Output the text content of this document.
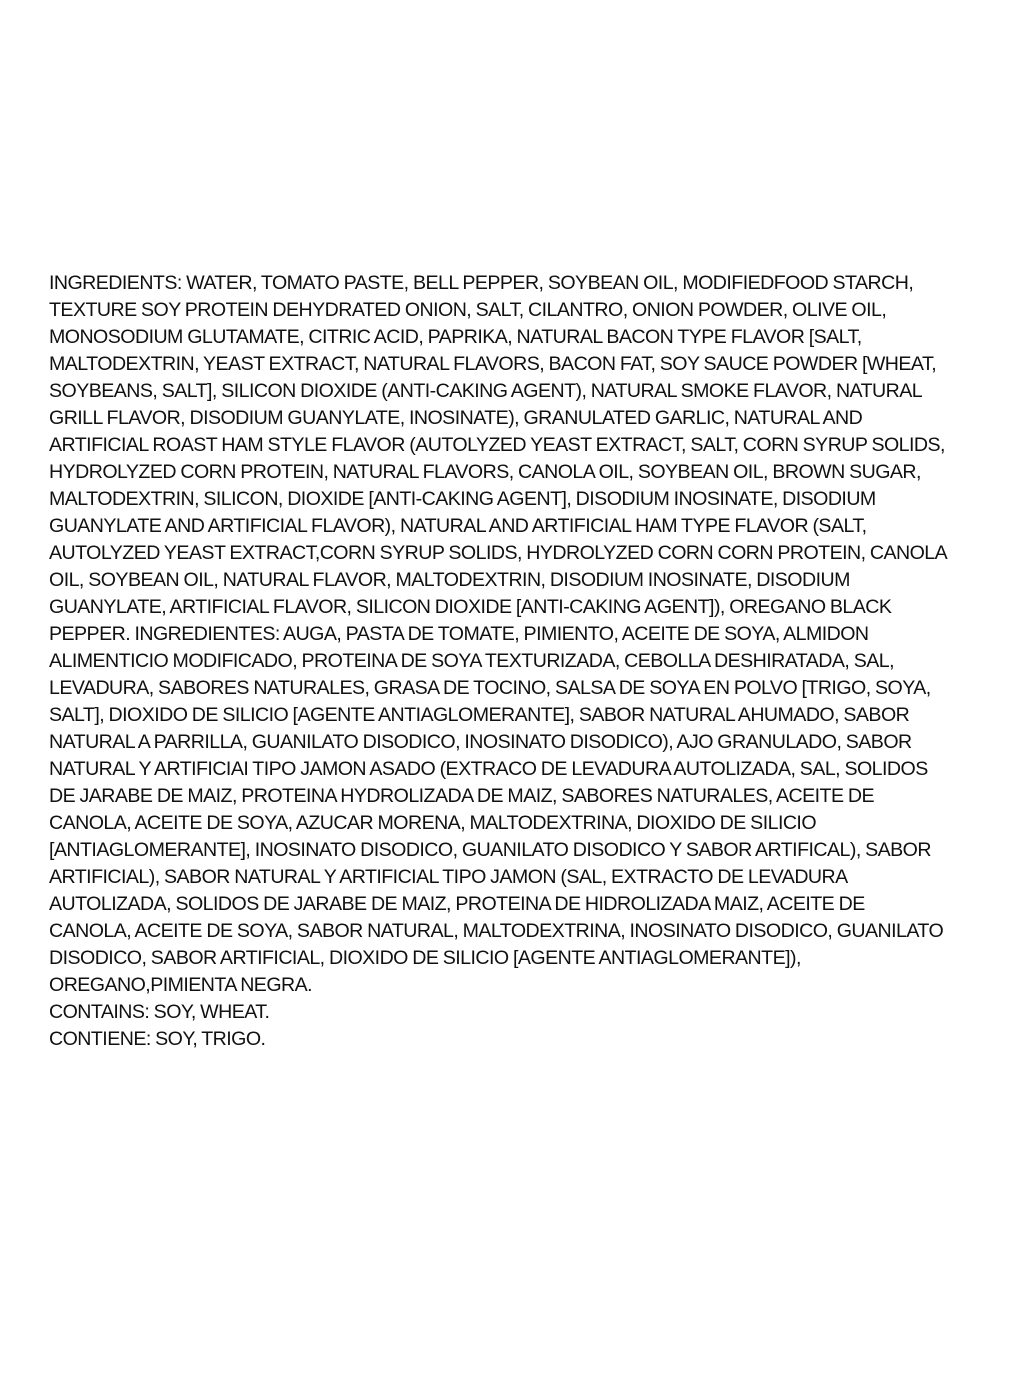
INGREDIENTS: WATER, TOMATO PASTE, BELL PEPPER, SOYBEAN OIL, MODIFIEDFOOD STARCH,
TEXTURE SOY PROTEIN DEHYDRATED ONION, SALT, CILANTRO, ONION POWDER, OLIVE OIL,
MONOSODIUM GLUTAMATE, CITRIC ACID, PAPRIKA, NATURAL BACON TYPE FLAVOR [SALT,
MALTODEXTRIN, YEAST EXTRACT, NATURAL FLAVORS, BACON FAT, SOY SAUCE POWDER [WHEAT,
SOYBEANS, SALT], SILICON DIOXIDE (ANTI-CAKING AGENT), NATURAL SMOKE FLAVOR, NATURAL
GRILL FLAVOR, DISODIUM GUANYLATE, INOSINATE), GRANULATED GARLIC, NATURAL AND
ARTIFICIAL ROAST HAM STYLE FLAVOR (AUTOLYZED YEAST EXTRACT, SALT, CORN SYRUP SOLIDS,
HYDROLYZED CORN PROTEIN, NATURAL FLAVORS, CANOLA OIL, SOYBEAN OIL, BROWN SUGAR,
MALTODEXTRIN, SILICON, DIOXIDE [ANTI-CAKING AGENT], DISODIUM INOSINATE, DISODIUM
GUANYLATE AND ARTIFICIAL FLAVOR), NATURAL AND ARTIFICIAL HAM TYPE FLAVOR (SALT,
AUTOLYZED YEAST EXTRACT,CORN SYRUP SOLIDS, HYDROLYZED CORN CORN PROTEIN, CANOLA
OIL, SOYBEAN OIL, NATURAL FLAVOR, MALTODEXTRIN, DISODIUM INOSINATE, DISODIUM
GUANYLATE, ARTIFICIAL FLAVOR, SILICON DIOXIDE [ANTI-CAKING AGENT]), OREGANO BLACK
PEPPER. INGREDIENTES: AUGA, PASTA DE TOMATE, PIMIENTO, ACEITE DE SOYA, ALMIDON
ALIMENTICIO MODIFICADO, PROTEINA DE SOYA TEXTURIZADA, CEBOLLA DESHIRATADA, SAL,
LEVADURA, SABORES NATURALES, GRASA DE TOCINO, SALSA DE SOYA EN POLVO [TRIGO, SOYA,
SALT], DIOXIDO DE SILICIO [AGENTE ANTIAGLOMERANTE], SABOR NATURAL AHUMADO, SABOR
NATURAL A PARRILLA, GUANILATO DISODICO, INOSINATO DISODICO), AJO GRANULADO, SABOR
NATURAL Y ARTIFICIAI TIPO JAMON ASADO (EXTRACO DE LEVADURA AUTOLIZADA, SAL, SOLIDOS
DE JARABE DE MAIZ, PROTEINA HYDROLIZADA DE MAIZ, SABORES NATURALES, ACEITE DE
CANOLA, ACEITE DE SOYA, AZUCAR MORENA, MALTODEXTRINA, DIOXIDO DE SILICIO
[ANTIAGLOMERANTE], INOSINATO DISODICO, GUANILATO DISODICO Y SABOR ARTIFICAL), SABOR
ARTIFICIAL), SABOR NATURAL Y ARTIFICIAL TIPO JAMON (SAL, EXTRACTO DE LEVADURA
AUTOLIZADA, SOLIDOS DE JARABE DE MAIZ, PROTEINA DE HIDROLIZADA MAIZ, ACEITE DE
CANOLA, ACEITE DE SOYA, SABOR NATURAL, MALTODEXTRINA, INOSINATO DISODICO, GUANILATO
DISODICO, SABOR ARTIFICIAL, DIOXIDO DE SILICIO [AGENTE ANTIAGLOMERANTE]),
OREGANO,PIMIENTA NEGRA.
CONTAINS: SOY, WHEAT.
CONTIENE: SOY, TRIGO.
